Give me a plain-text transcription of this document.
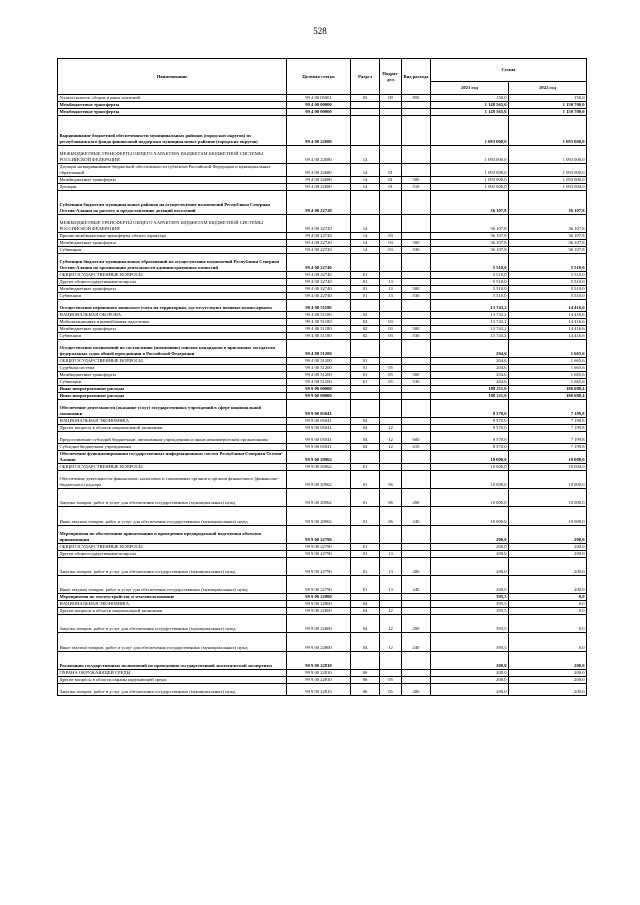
528
Наименование	Целевая статья	Раздел	Подраз-дел	Вид расхода	Сумма	
					2021 год	2022 год
Уплата налогов, сборов и иных платежей	99 4 00 05001	03	09	850	150,0	150,0
Межбюджетные трансферты	99 4 00 00000				1 148 565,6	1 150 700,0
Межбюджетные трансферты	99 4 00 00000				1 148 565,6	1 150 700,0
Выравнивание бюджетной обеспеченности муниципальных районов (городских округов) из республиканского фонда финансовой поддержки муниципальных районов (городских округов)	99 4 00 22680				1 093 000,0	1 093 000,0
МЕЖБЮДЖЕТНЫЕ ТРАНСФЕРТЫ ОБЩЕГО ХАРАКТЕРА БЮДЖЕТАМ БЮДЖЕТНОЙ СИСТЕМЫ РОССИЙСКОЙ ФЕДЕРАЦИИ	99 4 00 22680	14			1 093 000,0	1 093 000,0
Дотации на выравнивание бюджетной обеспеченности субъектов Российской Федерации и муниципальных образований	99 4 00 22680	14	01		1 093 000,0	1 093 000,0
Межбюджетные трансферты	99 4 00 22680	14	01	500	1 093 000,0	1 093 000,0
Дотации	99 4 00 22680	14	01	510	1 093 000,0	1 093 000,0
Субвенция бюджетам муниципальных районов на осуществление полномочий Республики Северная Осетия-Алания по расчету и предоставлению дотаций поселений	99 4 00 22720				36 107,8	36 107,8
МЕЖБЮДЖЕТНЫЕ ТРАНСФЕРТЫ ОБЩЕГО ХАРАКТЕРА БЮДЖЕТАМ БЮДЖЕТНОЙ СИСТЕМЫ РОССИЙСКОЙ ФЕДЕРАЦИИ	99 4 00 22720	14			36 107,8	36 107,8
Прочие межбюджетные трансферты общего характера	99 4 00 22720	14	03		36 107,8	36 107,8
Межбюджетные трансферты	99 4 00 22720	14	03	500	36 107,8	36 107,8
Субвенции	99 4 00 22720	14	03	530	36 107,8	36 107,8
Субвенции бюджетам муниципальных образований на осуществление полномочий Республики Северная Осетия-Алания по организации деятельности административных комиссий	99 4 00 22740				5 510,0	5 510,0
ОБЩЕГОСУДАРСТВЕННЫЕ ВОПРОСЫ	99 4 00 22740	01			5 510,0	5 510,0
Другие общегосударственные вопросы	99 4 00 22740	01	13		5 510,0	5 510,0
Межбюджетные трансферты	99 4 00 22740	01	13	500	5 510,0	5 510,0
Субвенции	99 4 00 22740	01	13	530	5 510,0	5 510,0
Осуществление первичного воинского учета на территориях, где отсутствуют военные комиссариаты	99 4 00 51180				13 743,2	14 416,6
НАЦИОНАЛЬНАЯ ОБОРОНА	99 4 00 51180	02			13 743,2	14 416,6
Мобилизационная и вневойсковая подготовка	99 4 00 51180	02	03		13 743,2	14 416,6
Межбюджетные трансферты	99 4 00 51180	02	03	500	13 743,2	14 416,6
Субвенции	99 4 00 51180	02	03	530	13 743,2	14 416,6
Осуществление полномочий по составлению (изменению) списков кандидатов в присяжные заседатели федеральных судов общей юрисдикции в Российской Федерации	99 4 00 51200				204,6	1 665,6
ОБЩЕГОСУДАРСТВЕННЫЕ ВОПРОСЫ	99 4 00 51200	01			204,6	1 665,6
Судебная система	99 4 00 51200	01	05		204,6	1 665,6
Межбюджетные трансферты	99 4 00 51200	01	05	500	204,6	1 665,6
Субвенции	99 4 00 51200	01	05	530	204,6	1 665,6
Иные непрограммные расходы	99 9 00 00000				188 211,0	186 688,4
Иные непрограммные расходы	99 9 00 00000				188 211,0	186 688,4
Обеспечение деятельности (оказание услуг) государственных учреждений в сфере национальной экономики	99 9 00 05041				8 570,0	7 199,8
НАЦИОНАЛЬНАЯ ЭКОНОМИКА	99 9 00 05041	04			8 570,0	7 199,8
Другие вопросы в области национальной экономики	99 9 00 05041	04	12		8 570,0	7 199,8
Предоставление субсидий бюджетным, автономным учреждениям и иным некоммерческим организациям	99 9 00 05041	04	12	600	8 570,0	7 199,8
Субсидии бюджетным учреждениям	99 9 00 05041	04	12	610	8 570,0	7 199,8
Обеспечение функционирования государственных информационных систем Республики Северная Осетия-Алания	99 9 00 20962				10 000,0	10 000,0
ОБЩЕГОСУДАРСТВЕННЫЕ ВОПРОСЫ	99 9 00 20962	01			10 000,0	10 000,0
Обеспечение деятельности финансовых, налоговых и таможенных органов и органов финансового (финансово-бюджетного) надзора	99 9 00 20962	01	06		10 000,0	10 000,0
Закупка товаров, работ и услуг для обеспечения государственных (муниципальных) нужд	99 9 00 20962	01	06	200	10 000,0	10 000,0
Иные закупки товаров, работ и услуг для обеспечения государственных (муниципальных) нужд	99 9 00 20962	01	06	240	10 000,0	10 000,0
Мероприятия по обеспечению приватизации и проведению предпродажной подготовки объектов приватизации	99 9 00 22790				200,0	200,0
ОБЩЕГОСУДАРСТВЕННЫЕ ВОПРОСЫ	99 9 00 22790	01			200,0	200,0
Другие общегосударственные вопросы	99 9 00 22790	01	13		200,0	200,0
Закупка товаров, работ и услуг для обеспечения государственных (муниципальных) нужд	99 9 00 22790	01	13	200	200,0	200,0
Иные закупки товаров, работ и услуг для обеспечения государственных (муниципальных) нужд	99 9 00 22790	01	13	240	200,0	200,0
Мероприятия по землеустройству и землепользованию	99 9 00 22800				395,5	0,0
НАЦИОНАЛЬНАЯ ЭКОНОМИКА	99 9 00 22800	04			395,5	0,0
Другие вопросы в области национальной экономики	99 9 00 22800	04	12		395,5	0,0
Закупка товаров, работ и услуг для обеспечения государственных (муниципальных) нужд	99 9 00 22800	04	12	200	395,5	0,0
Иные закупки товаров, работ и услуг для обеспечения государственных (муниципальных) нужд	99 9 00 22800	04	12	240	395,5	0,0
Реализация государственных полномочий по проведению государственной экологической экспертизы	99 9 00 22810				200,0	200,0
ОХРАНА ОКРУЖАЮЩЕЙ СРЕДЫ	99 9 00 22810	06			200,0	200,0
Другие вопросы в области охраны окружающей среды	99 9 00 22810	06	05		200,0	200,0
Закупка товаров, работ и услуг для обеспечения государственных (муниципальных) нужд	99 9 00 22810	06	05	200	200,0	200,0
